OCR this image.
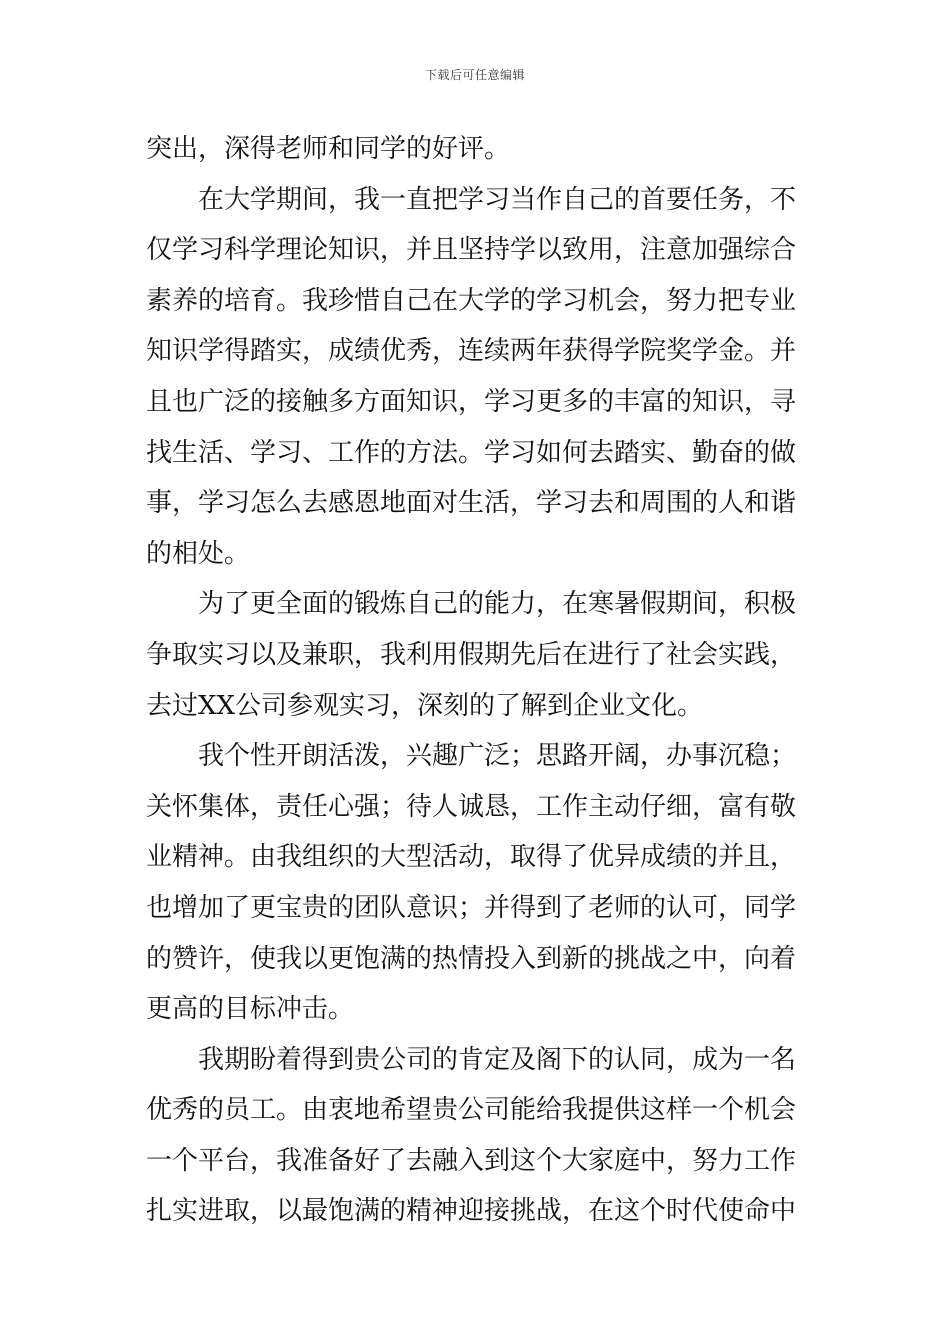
下载后可任意编辑
突出，深得老师和同学的好评。
在大学期间，我一直把学习当作自己的首要任务，不
仅学习科学理论知识，并且坚持学以致用，注意加强综合
素养的培育。我珍惜自己在大学的学习机会，努力把专业
知识学得踏实，成绩优秀，连续两年获得学院奖学金。并
且也广泛的接触多方面知识，学习更多的丰富的知识，寻
找生活、学习、工作的方法。学习如何去踏实、勤奋的做
事，学习怎么去感恩地面对生活，学习去和周围的人和谐
的相处。
为了更全面的锻炼自己的能力，在寒暑假期间，积极
争取实习以及兼职，我利用假期先后在进行了社会实践，
去过XX公司参观实习，深刻的了解到企业文化。
我个性开朗活泼，兴趣广泛；思路开阔，办事沉稳；
关怀集体，责任心强；待人诚恳，工作主动仔细，富有敬
业精神。由我组织的大型活动，取得了优异成绩的并且，
也增加了更宝贵的团队意识；并得到了老师的认可，同学
的赞许，使我以更饱满的热情投入到新的挑战之中，向着
更高的目标冲击。
我期盼着得到贵公司的肯定及阁下的认同，成为一名
优秀的员工。由衷地希望贵公司能给我提供这样一个机会
一个平台，我准备好了去融入到这个大家庭中，努力工作
扎实进取，以最饱满的精神迎接挑战，在这个时代使命中
